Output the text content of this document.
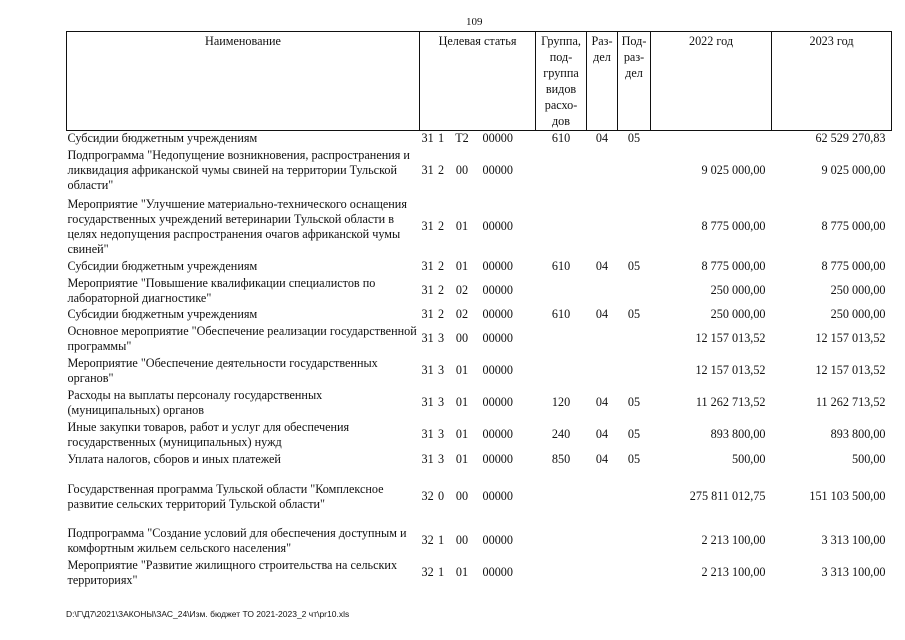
109
Наименование	Целевая статья				Группа, под- группа видов расхо- дов	Раз- дел	Под- раз- дел	2022 год	2023 год
Субсидии бюджетным учреждениям	31	1	Т2	00000	610	04	05		62 529 270,83
Подпрограмма "Недопущение возникновения, распространения и ликвидация африканской чумы свиней на территории Тульской области"	31	2	00	00000				9 025 000,00	9 025 000,00
Мероприятие "Улучшение материально-технического оснащения государственных учреждений ветеринарии Тульской области в целях недопущения распространения очагов африканской чумы свиней"	31	2	01	00000				8 775 000,00	8 775 000,00
Субсидии бюджетным учреждениям	31	2	01	00000	610	04	05	8 775 000,00	8 775 000,00
Мероприятие "Повышение квалификации специалистов по лабораторной диагностике"	31	2	02	00000				250 000,00	250 000,00
Субсидии бюджетным учреждениям	31	2	02	00000	610	04	05	250 000,00	250 000,00
Основное мероприятие "Обеспечение реализации государственной программы"	31	3	00	00000				12 157 013,52	12 157 013,52
Мероприятие "Обеспечение деятельности государственных органов"	31	3	01	00000				12 157 013,52	12 157 013,52
Расходы на выплаты персоналу государственных (муниципальных) органов	31	3	01	00000	120	04	05	11 262 713,52	11 262 713,52
Иные закупки товаров, работ и услуг для обеспечения государственных (муниципальных) нужд	31	3	01	00000	240	04	05	893 800,00	893 800,00
Уплата налогов, сборов и иных платежей	31	3	01	00000	850	04	05	500,00	500,00

Государственная программа Тульской области "Комплексное развитие сельских территорий Тульской области"	32	0	00	00000				275 811 012,75	151 103 500,00

Подпрограмма "Создание условий для обеспечения доступным и комфортным жильем сельского населения"	32	1	00	00000				2 213 100,00	3 313 100,00
Мероприятие "Развитие жилищного строительства на сельских территориях"	32	1	01	00000				2 213 100,00	3 313 100,00
D:\Г\Д7\2021\ЗАКОНЫ\ЗАС_24\Изм. бюджет ТО 2021-2023_2 чт\pr10.xls
